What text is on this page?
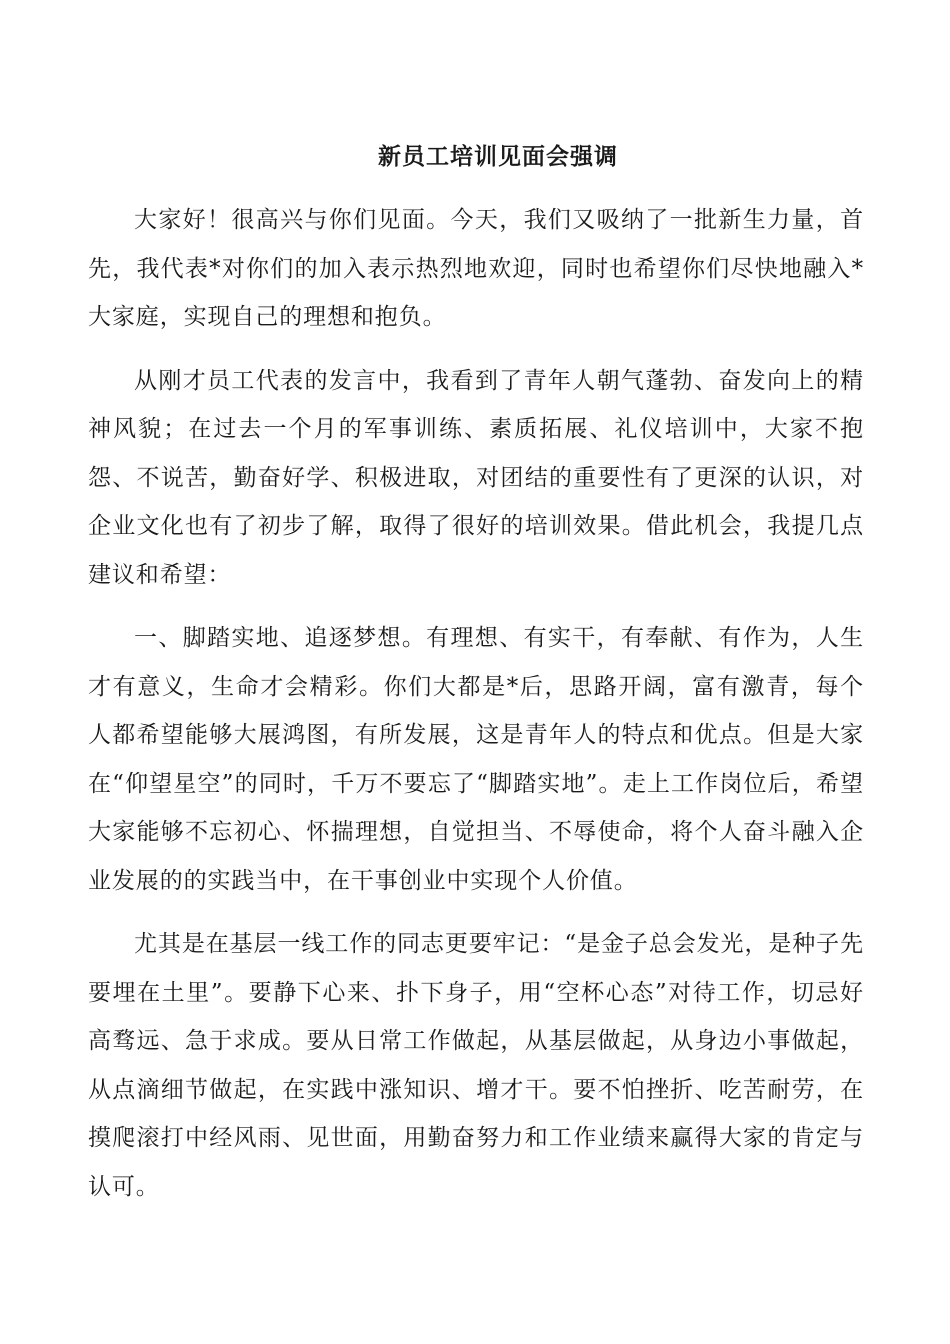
新员工培训见面会强调

大家好！很高兴与你们见面。今天，我们又吸纳了一批新生力量，首先，我代表*对你们的加入表示热烈地欢迎，同时也希望你们尽快地融入*大家庭，实现自己的理想和抱负。

从刚才员工代表的发言中，我看到了青年人朝气蓬勃、奋发向上的精神风貌；在过去一个月的军事训练、素质拓展、礼仪培训中，大家不抱怨、不说苦，勤奋好学、积极进取，对团结的重要性有了更深的认识，对企业文化也有了初步了解，取得了很好的培训效果。借此机会，我提几点建议和希望：

一、脚踏实地、追逐梦想。有理想、有实干，有奉献、有作为，人生才有意义，生命才会精彩。你们大都是*后，思路开阔，富有激青，每个人都希望能够大展鸿图，有所发展，这是青年人的特点和优点。但是大家在“仰望星空”的同时，千万不要忘了“脚踏实地”。走上工作岗位后，希望大家能够不忘初心、怀揣理想，自觉担当、不辱使命，将个人奋斗融入企业发展的的实践当中，在干事创业中实现个人价值。

尤其是在基层一线工作的同志更要牢记：“是金子总会发光，是种子先要埋在土里”。要静下心来、扑下身子，用“空杯心态”对待工作，切忌好高骛远、急于求成。要从日常工作做起，从基层做起，从身边小事做起，从点滴细节做起，在实践中涨知识、增才干。要不怕挫折、吃苦耐劳，在摸爬滚打中经风雨、见世面，用勤奋努力和工作业绩来赢得大家的肯定与认可。
